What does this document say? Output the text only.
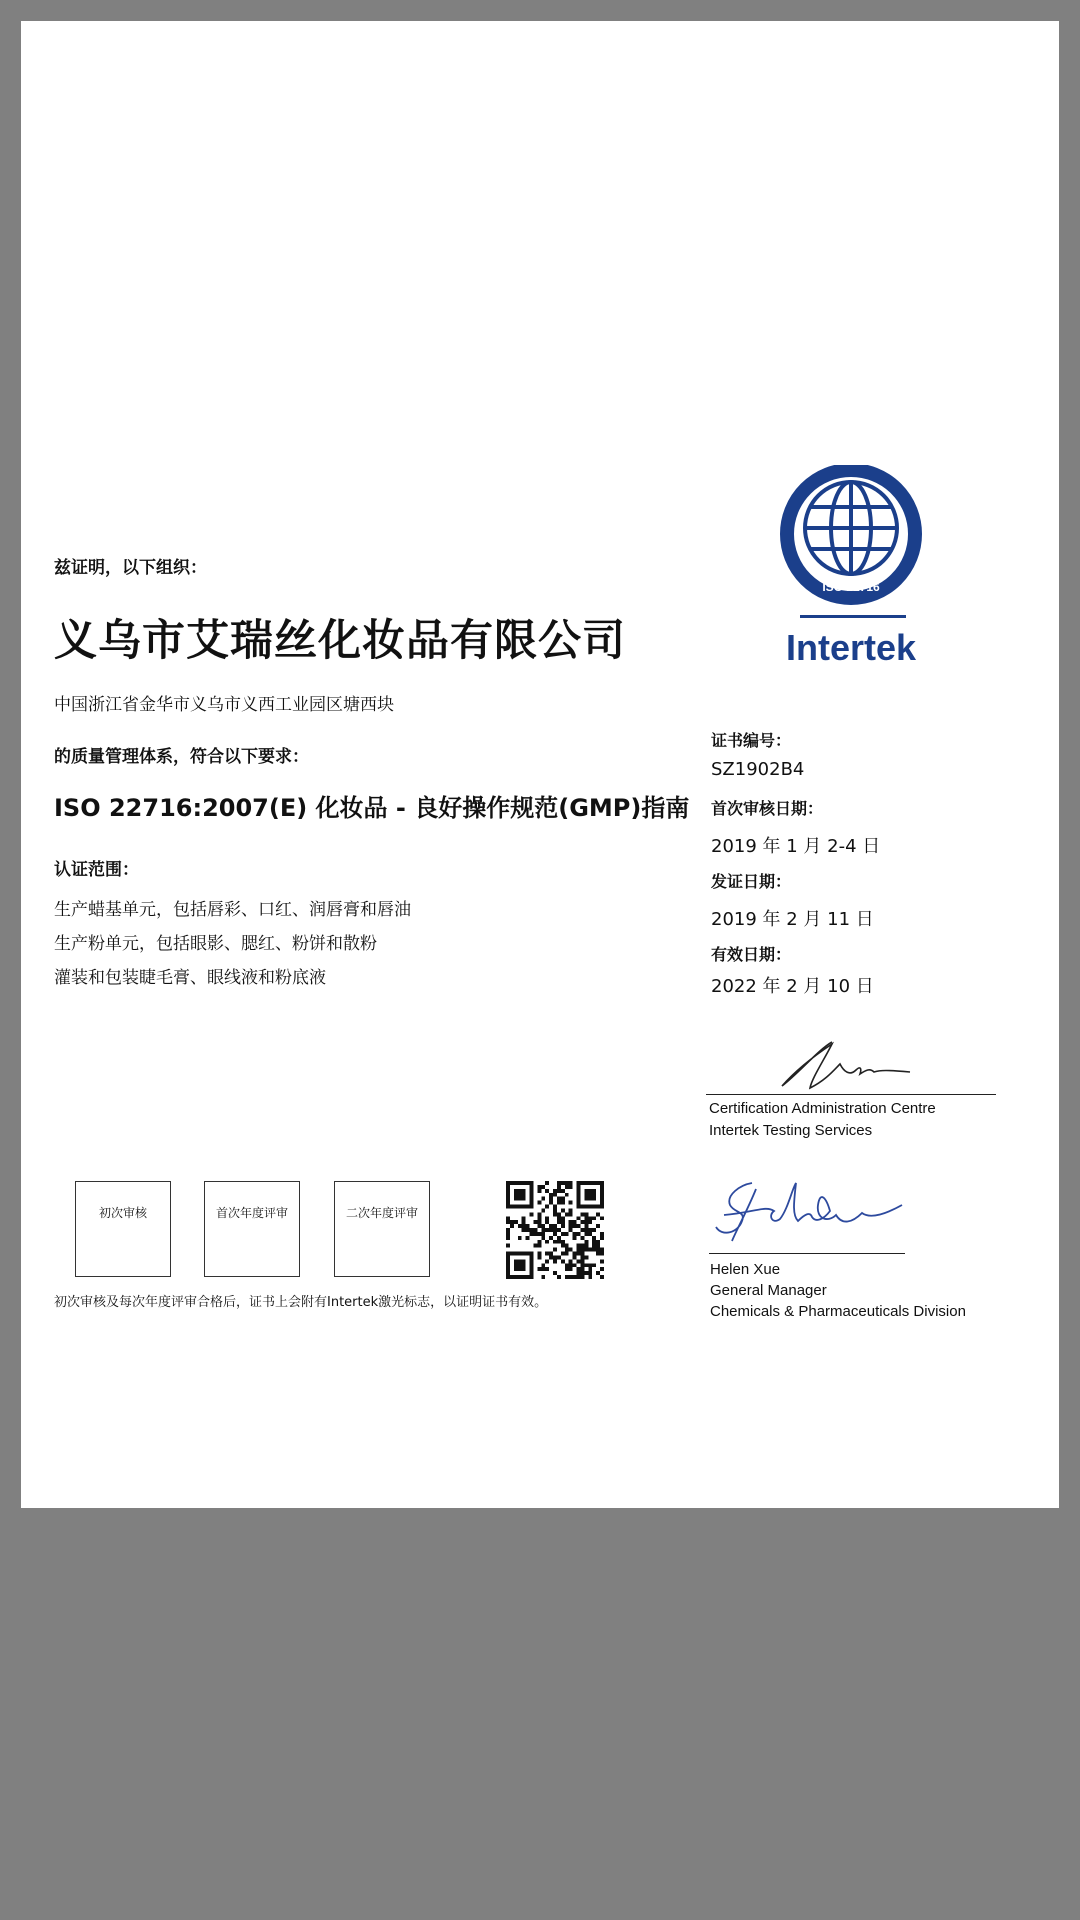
兹证明，以下组织：
义乌市艾瑞丝化妆品有限公司
中国浙江省金华市义乌市义西工业园区塘西块
的质量管理体系，符合以下要求：
ISO 22716:2007(E) 化妆品 - 良好操作规范(GMP)指南
认证范围：
生产蜡基单元，包括唇彩、口红、润唇膏和唇油
生产粉单元，包括眼影、腮红、粉饼和散粉
灌装和包装睫毛膏、眼线液和粉底液
初次审核	首次年度评审	二次年度评审
初次审核及每次年度评审合格后，证书上会附有Intertek激光标志，以证明证书有效。
ISO 22716
Intertek
证书编号：
SZ1902B4
首次审核日期：
2019 年 1 月 2-4 日
发证日期：
2019 年 2 月 11 日
有效日期：
2022 年 2 月 10 日
Certification Administration Centre
Intertek Testing Services
Helen Xue
General Manager
Chemicals & Pharmaceuticals Division
